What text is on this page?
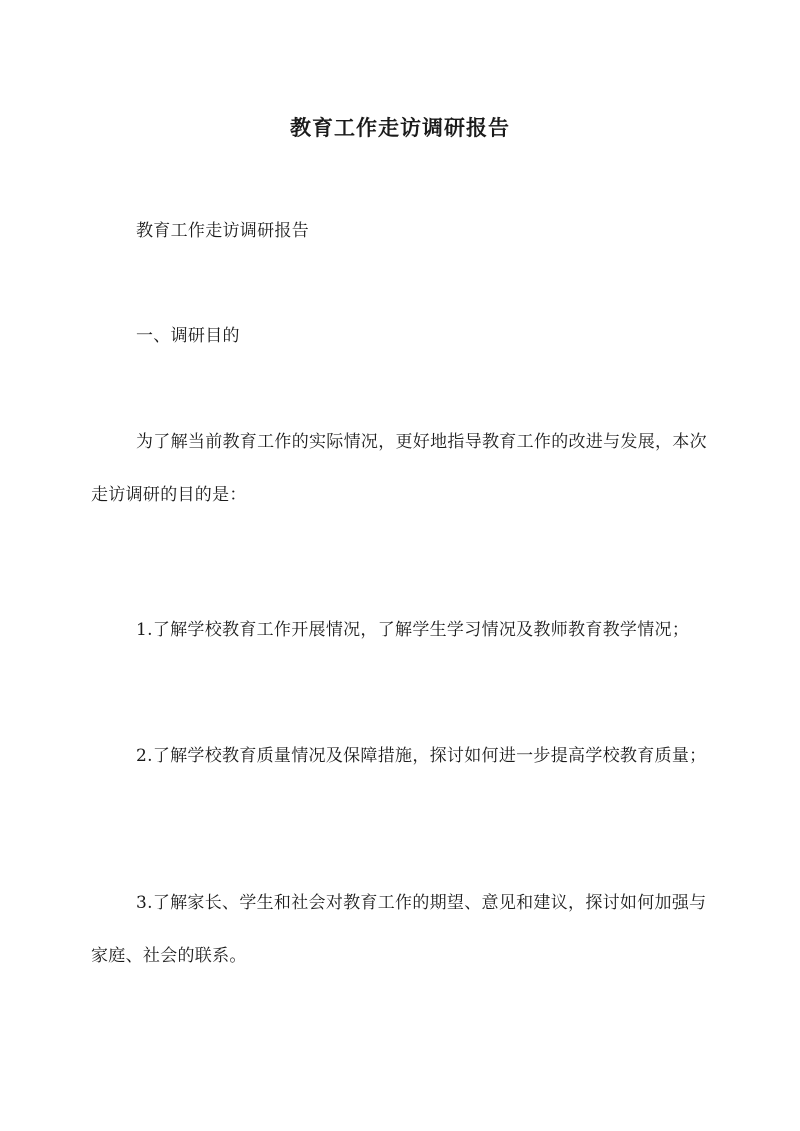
教育工作走访调研报告

教育工作走访调研报告

一、调研目的

为了解当前教育工作的实际情况，更好地指导教育工作的改进与发展，本次走访调研的目的是：

1.了解学校教育工作开展情况，了解学生学习情况及教师教育教学情况；

2.了解学校教育质量情况及保障措施，探讨如何进一步提高学校教育质量；

3.了解家长、学生和社会对教育工作的期望、意见和建议，探讨如何加强与家庭、社会的联系。
